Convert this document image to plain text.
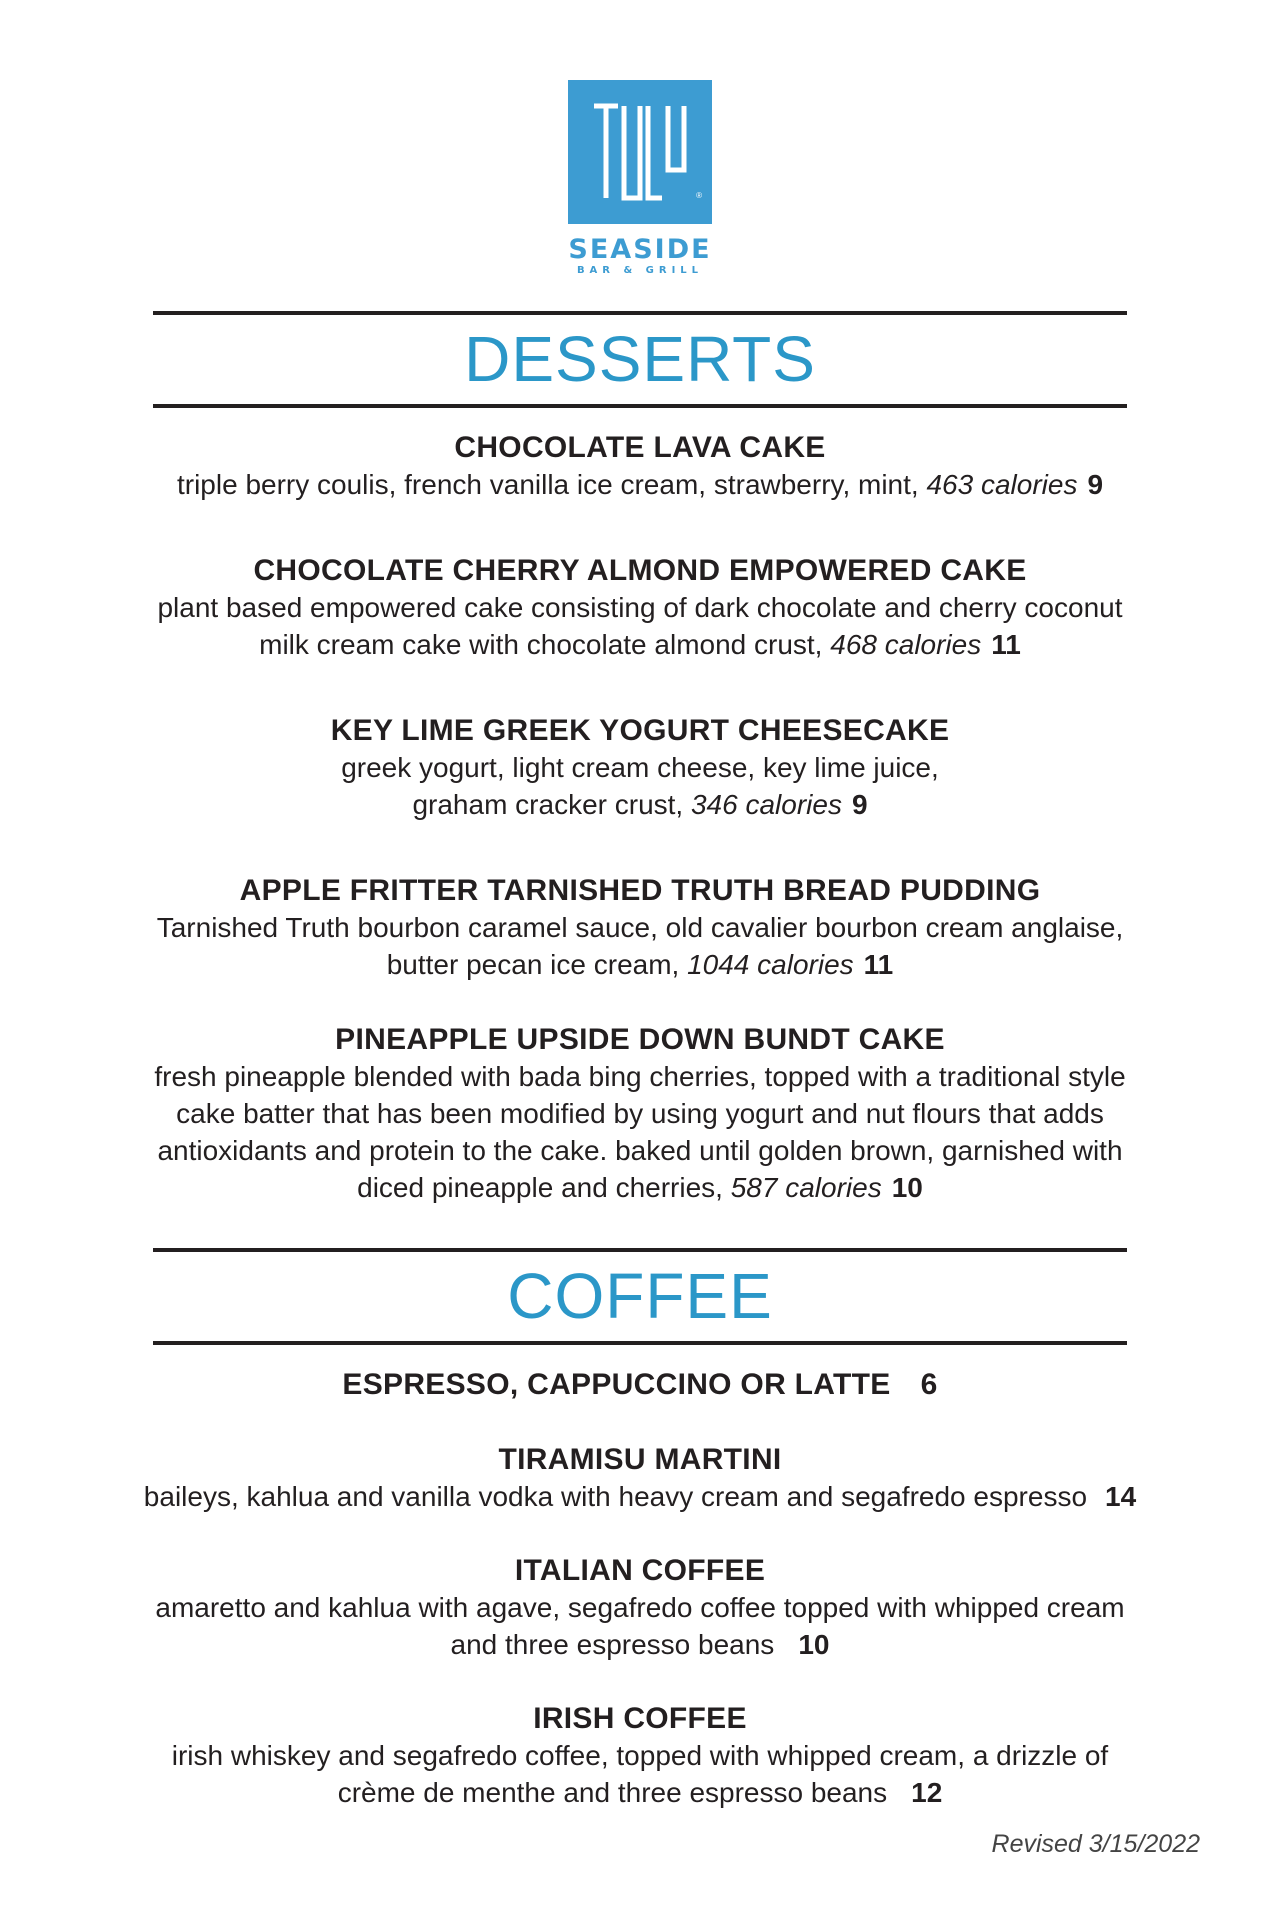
®
SEASIDE
BAR & GRILL
DESSERTS
CHOCOLATE LAVA CAKE
triple berry coulis, french vanilla ice cream, strawberry, mint, 463 calories 9
CHOCOLATE CHERRY ALMOND EMPOWERED CAKE
plant based empowered cake consisting of dark chocolate and cherry coconut
milk cream cake with chocolate almond crust, 468 calories 11
KEY LIME GREEK YOGURT CHEESECAKE
greek yogurt, light cream cheese, key lime juice,
graham cracker crust, 346 calories 9
APPLE FRITTER TARNISHED TRUTH BREAD PUDDING
Tarnished Truth bourbon caramel sauce, old cavalier bourbon cream anglaise,
butter pecan ice cream, 1044 calories 11
PINEAPPLE UPSIDE DOWN BUNDT CAKE
fresh pineapple blended with bada bing cherries, topped with a traditional style
cake batter that has been modified by using yogurt and nut flours that adds
antioxidants and protein to the cake. baked until golden brown, garnished with
diced pineapple and cherries, 587 calories 10
COFFEE
ESPRESSO, CAPPUCCINO OR LATTE 6
TIRAMISU MARTINI
baileys, kahlua and vanilla vodka with heavy cream and segafredo espresso 14
ITALIAN COFFEE
amaretto and kahlua with agave, segafredo coffee topped with whipped cream
and three espresso beans 10
IRISH COFFEE
irish whiskey and segafredo coffee, topped with whipped cream, a drizzle of
crème de menthe and three espresso beans 12
Revised 3/15/2022
